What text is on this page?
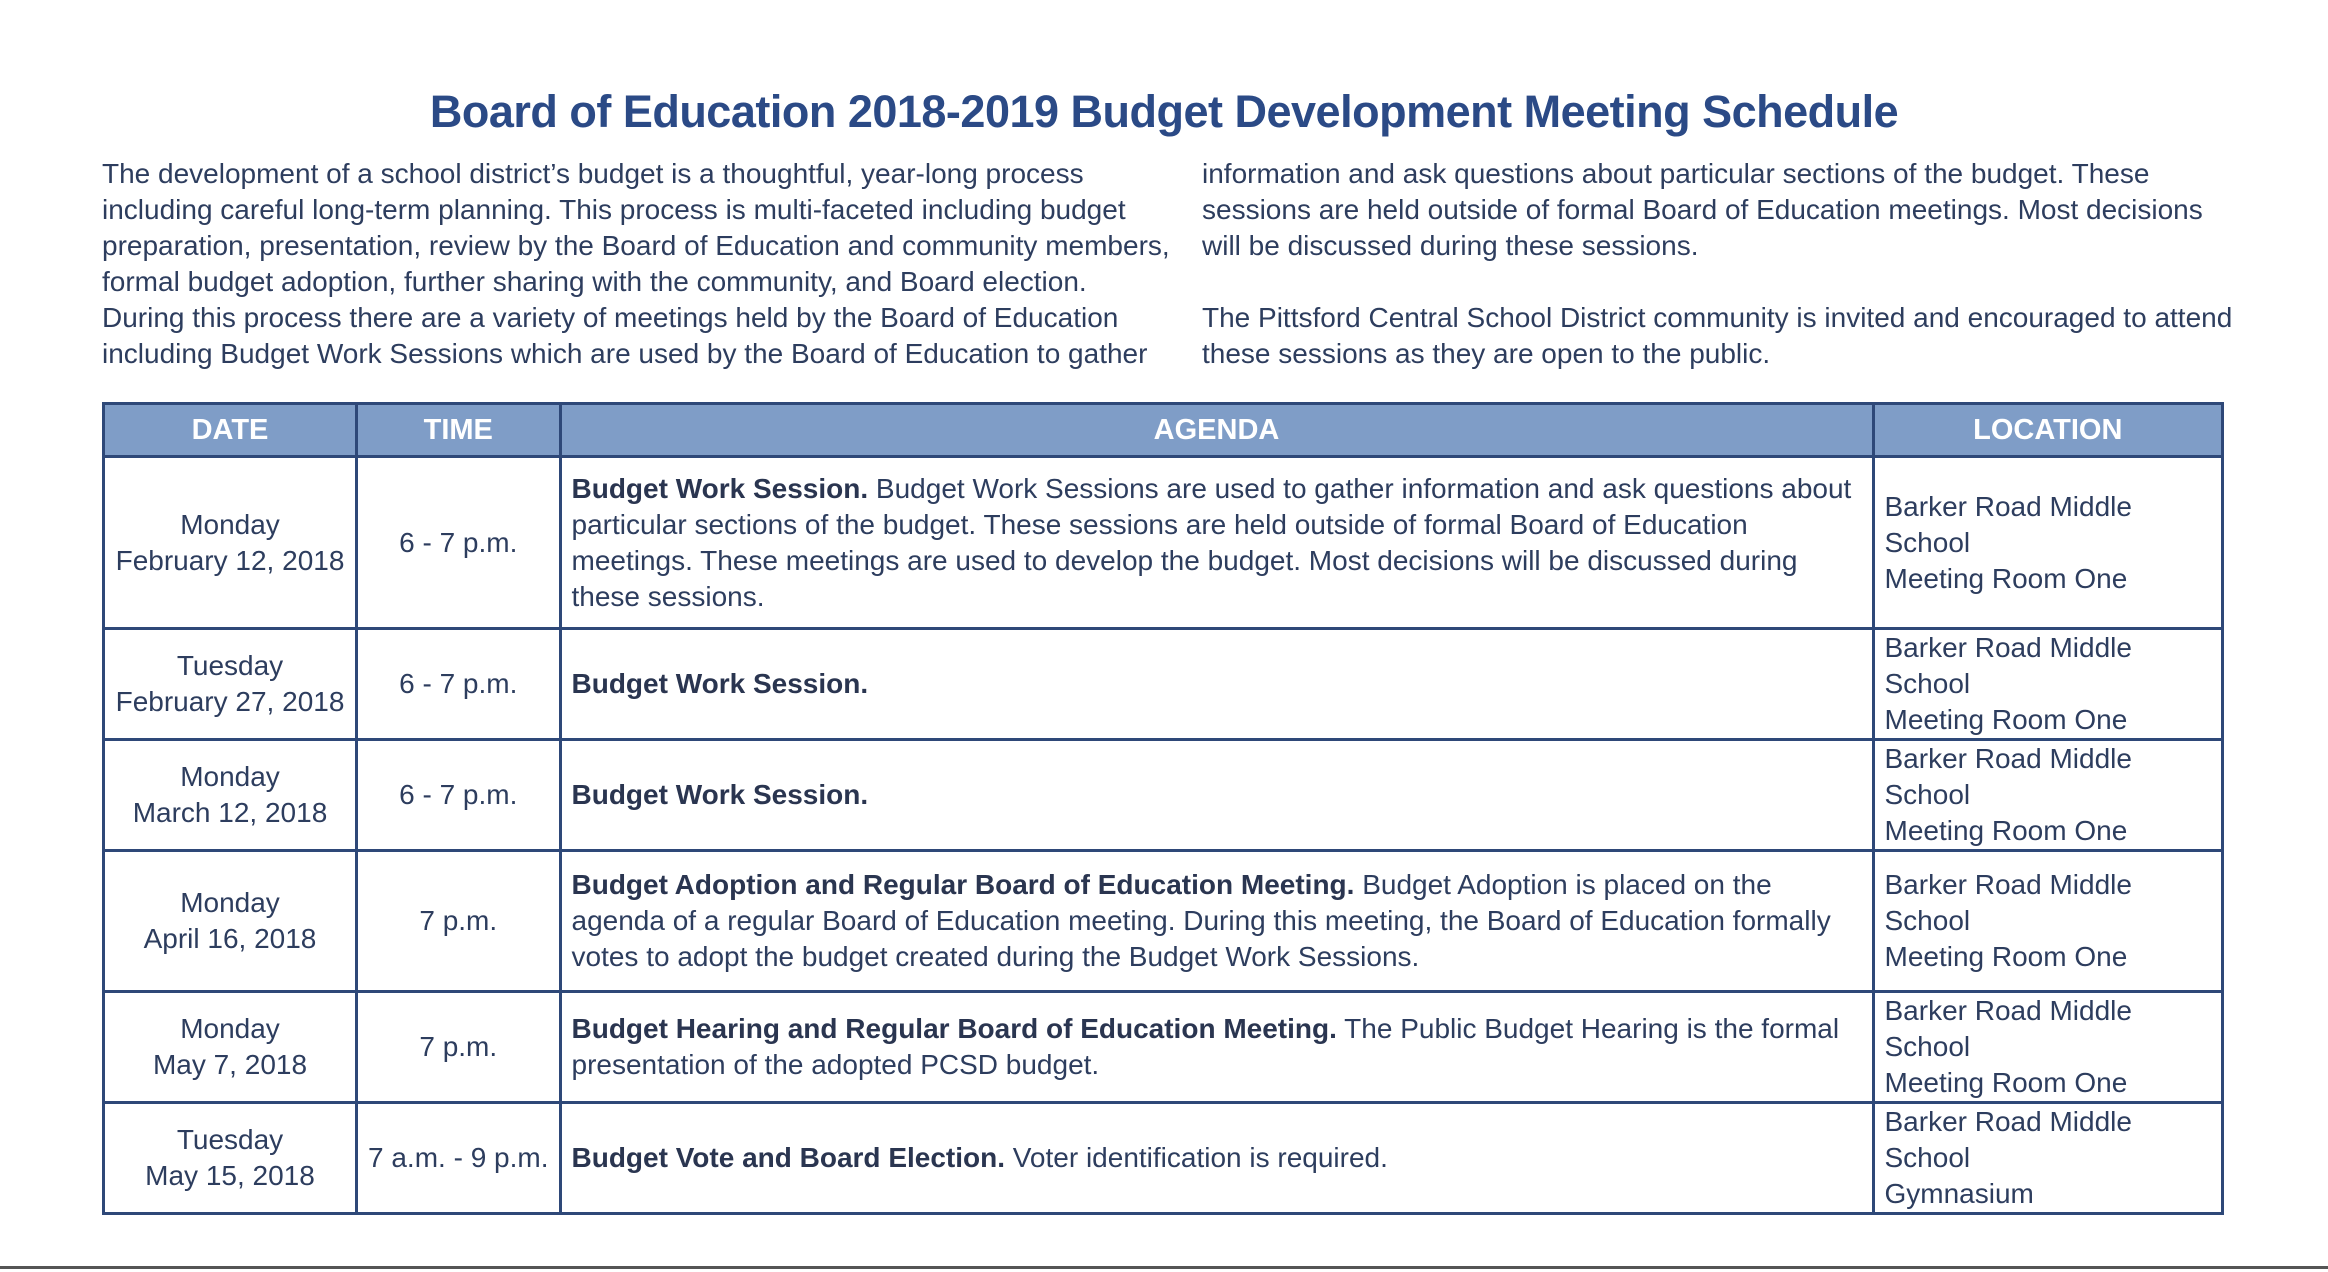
Board of Education 2018-2019 Budget Development Meeting Schedule

The development of a school district’s budget is a thoughtful, year-long process including careful long-term planning. This process is multi-faceted including budget preparation, presentation, review by the Board of Education and community members, formal budget adoption, further sharing with the community, and Board election. During this process there are a variety of meetings held by the Board of Education including Budget Work Sessions which are used by the Board of Education to gather

information and ask questions about particular sections of the budget. These sessions are held outside of formal Board of Education meetings. Most decisions will be discussed during these sessions.

The Pittsford Central School District community is invited and encouraged to attend these sessions as they are open to the public.

DATE	TIME	AGENDA	LOCATION

Monday
February 12, 2018	6 - 7 p.m.	Budget Work Session. Budget Work Sessions are used to gather information and ask questions about particular sections of the budget. These sessions are held outside of formal Board of Education meetings. These meetings are used to develop the budget. Most decisions will be discussed during these sessions.	Barker Road Middle School
Meeting Room One

Tuesday
February 27, 2018	6 - 7 p.m.	Budget Work Session.	Barker Road Middle School
Meeting Room One

Monday
March 12, 2018	6 - 7 p.m.	Budget Work Session.	Barker Road Middle School
Meeting Room One

Monday
April 16, 2018	7 p.m.	Budget Adoption and Regular Board of Education Meeting. Budget Adoption is placed on the agenda of a regular Board of Education meeting. During this meeting, the Board of Education formally votes to adopt the budget created during the Budget Work Sessions.	Barker Road Middle School
Meeting Room One

Monday
May 7, 2018	7 p.m.	Budget Hearing and Regular Board of Education Meeting. The Public Budget Hearing is the formal presentation of the adopted PCSD budget.	Barker Road Middle School
Meeting Room One

Tuesday
May 15, 2018	7 a.m. - 9 p.m.	Budget Vote and Board Election. Voter identification is required.	Barker Road Middle School
Gymnasium
